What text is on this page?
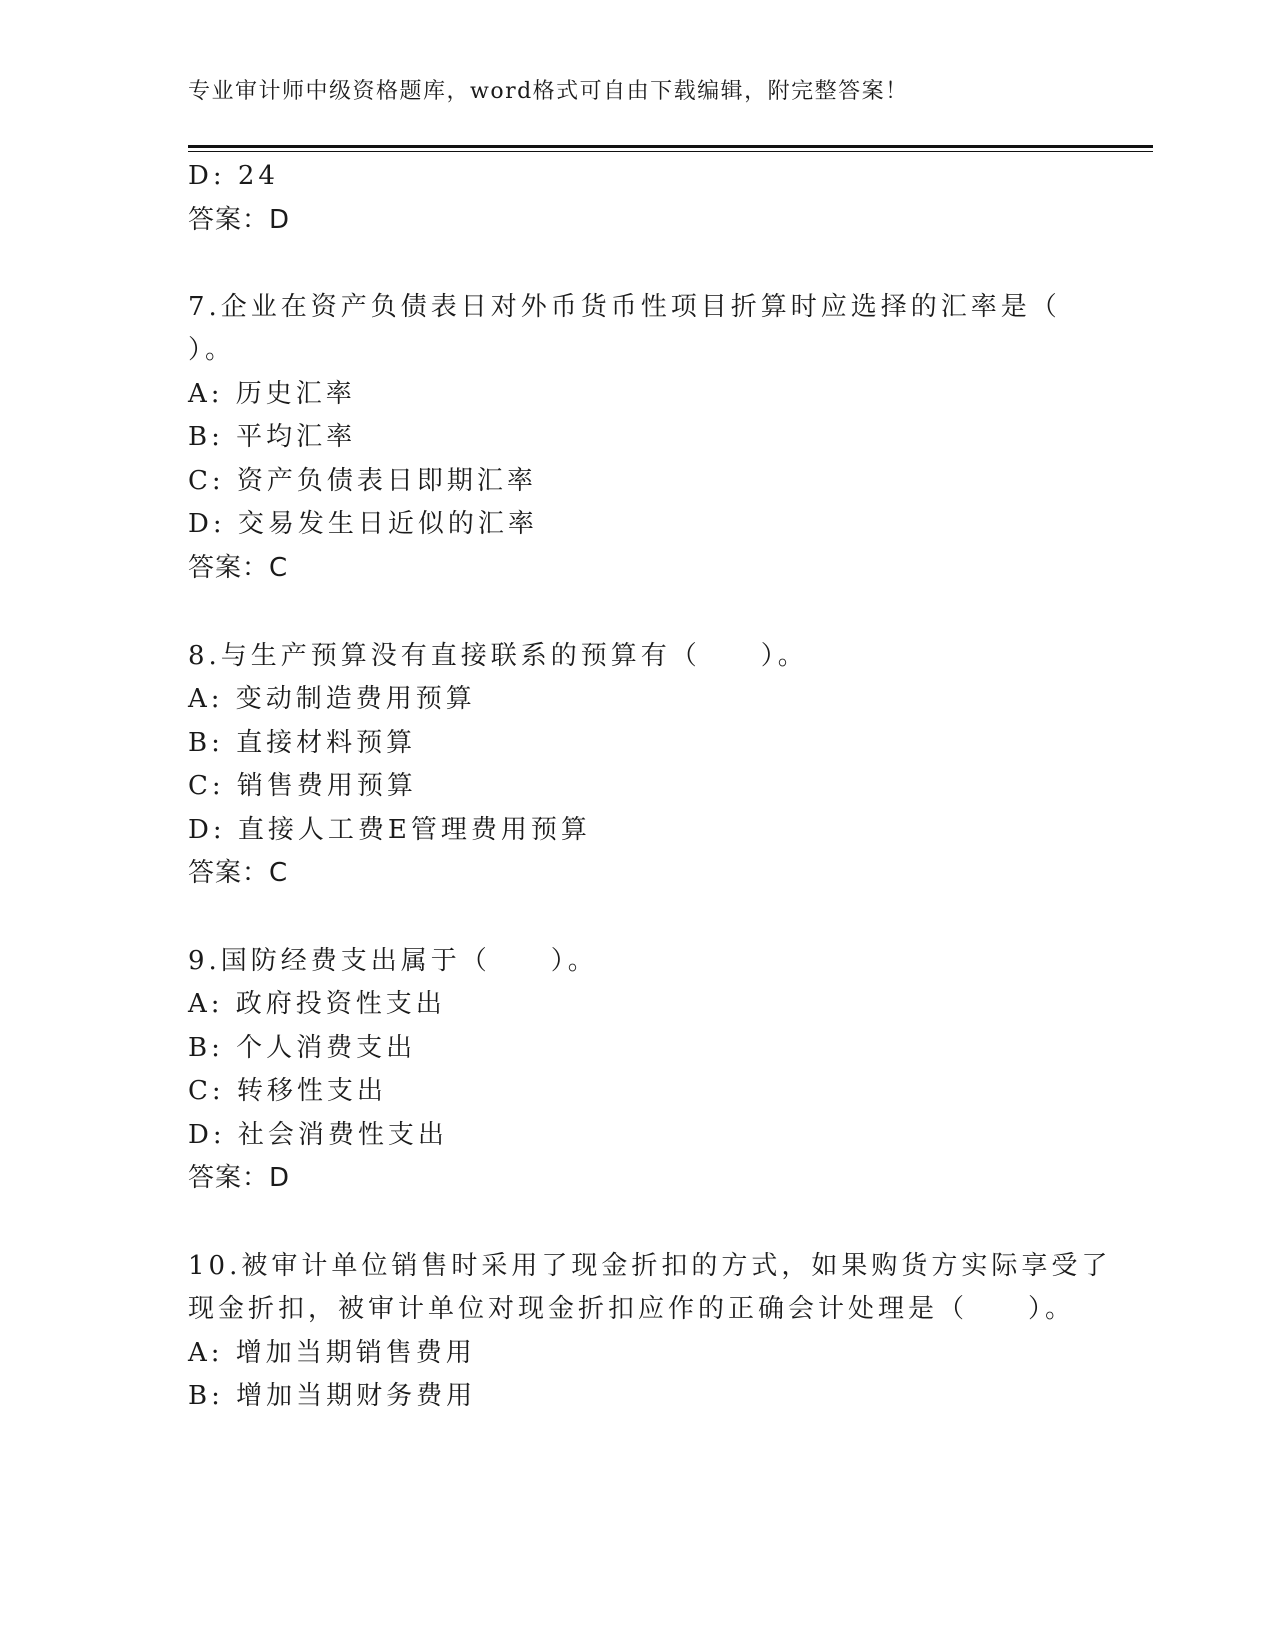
专业审计师中级资格题库，word格式可自由下载编辑，附完整答案！
D: 24
答案：D
7.企业在资产负债表日对外币货币性项目折算时应选择的汇率是（
）。
A: 历史汇率
B: 平均汇率
C: 资产负债表日即期汇率
D: 交易发生日近似的汇率
答案：C
8.与生产预算没有直接联系的预算有（　　）。
A: 变动制造费用预算
B: 直接材料预算
C: 销售费用预算
D: 直接人工费E管理费用预算
答案：C
9.国防经费支出属于（　　）。
A: 政府投资性支出
B: 个人消费支出
C: 转移性支出
D: 社会消费性支出
答案：D
10.被审计单位销售时采用了现金折扣的方式，如果购货方实际享受了
现金折扣，被审计单位对现金折扣应作的正确会计处理是（　　）。
A: 增加当期销售费用
B: 增加当期财务费用
